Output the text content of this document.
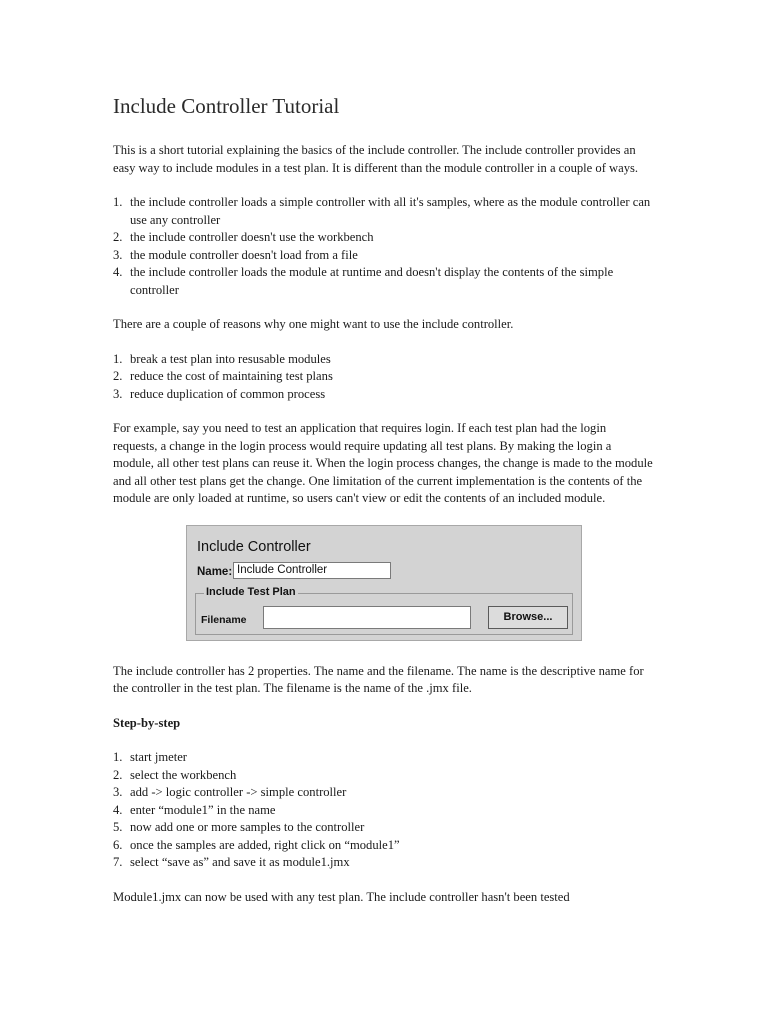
Include Controller Tutorial

This is a short tutorial explaining the basics of the include controller. The include controller provides an easy way to include modules in a test plan. It is different than the module controller in a couple of ways.

1. the include controller loads a simple controller with all it's samples, where as the module controller can use any controller
2. the include controller doesn't use the workbench
3. the module controller doesn't load from a file
4. the include controller loads the module at runtime and doesn't display the contents of the simple controller

There are a couple of reasons why one might want to use the include controller.

1. break a test plan into resusable modules
2. reduce the cost of maintaining test plans
3. reduce duplication of common process

For example, say you need to test an application that requires login. If each test plan had the login requests, a change in the login process would require updating all test plans. By making the login a module, all other test plans can reuse it. When the login process changes, the change is made to the module and all other test plans get the change. One limitation of the current implementation is the contents of the module are only loaded at runtime, so users can't view or edit the contents of an included module.

Include Controller
Name: Include Controller
Include Test Plan
Filename	Browse...

The include controller has 2 properties. The name and the filename. The name is the descriptive name for the controller in the test plan. The filename is the name of the .jmx file.

Step-by-step
1. start jmeter
2. select the workbench
3. add -> logic controller -> simple controller
4. enter “module1” in the name
5. now add one or more samples to the controller
6. once the samples are added, right click on “module1”
7. select “save as” and save it as module1.jmx

Module1.jmx can now be used with any test plan. The include controller hasn't been tested
